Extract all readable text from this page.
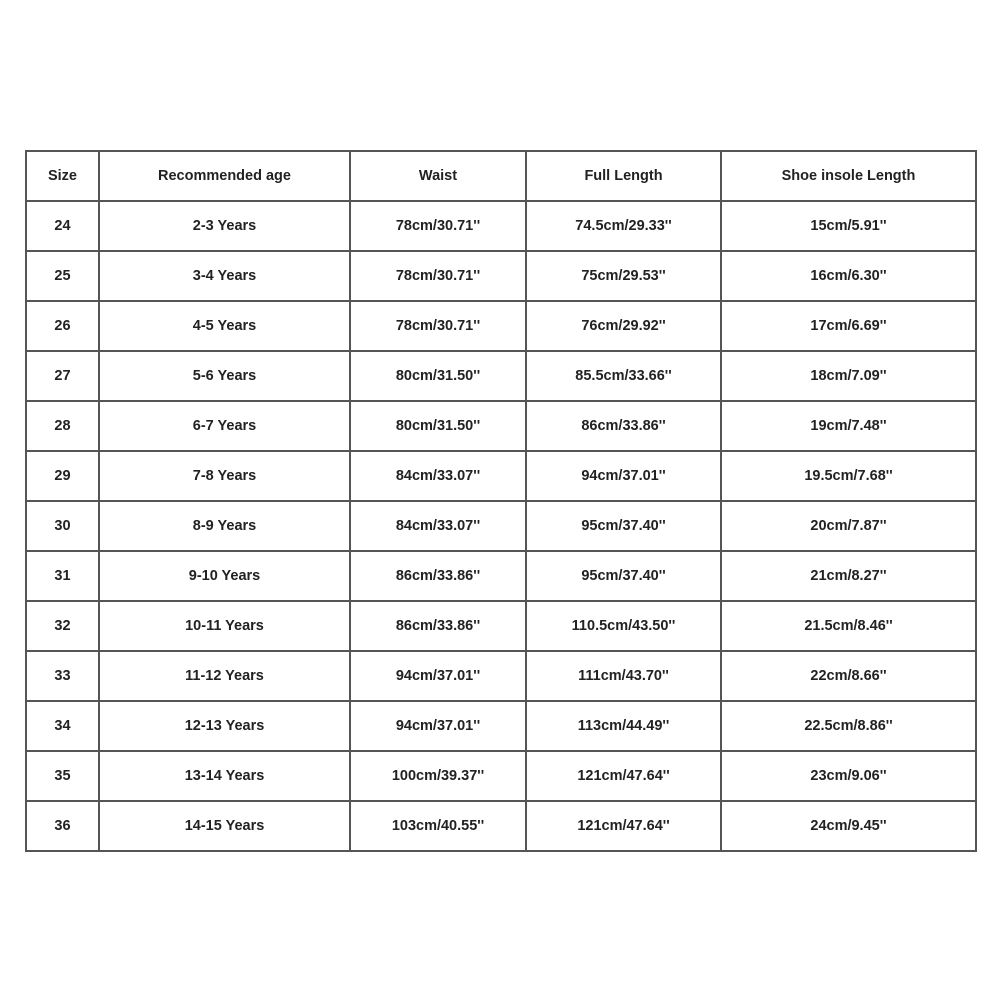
Size	Recommended age	Waist	Full Length	Shoe insole Length
24	2-3 Years	78cm/30.71''	74.5cm/29.33''	15cm/5.91''
25	3-4 Years	78cm/30.71''	75cm/29.53''	16cm/6.30''
26	4-5 Years	78cm/30.71''	76cm/29.92''	17cm/6.69''
27	5-6 Years	80cm/31.50''	85.5cm/33.66''	18cm/7.09''
28	6-7 Years	80cm/31.50''	86cm/33.86''	19cm/7.48''
29	7-8 Years	84cm/33.07''	94cm/37.01''	19.5cm/7.68''
30	8-9 Years	84cm/33.07''	95cm/37.40''	20cm/7.87''
31	9-10 Years	86cm/33.86''	95cm/37.40''	21cm/8.27''
32	10-11 Years	86cm/33.86''	110.5cm/43.50''	21.5cm/8.46''
33	11-12 Years	94cm/37.01''	111cm/43.70''	22cm/8.66''
34	12-13 Years	94cm/37.01''	113cm/44.49''	22.5cm/8.86''
35	13-14 Years	100cm/39.37''	121cm/47.64''	23cm/9.06''
36	14-15 Years	103cm/40.55''	121cm/47.64''	24cm/9.45''
